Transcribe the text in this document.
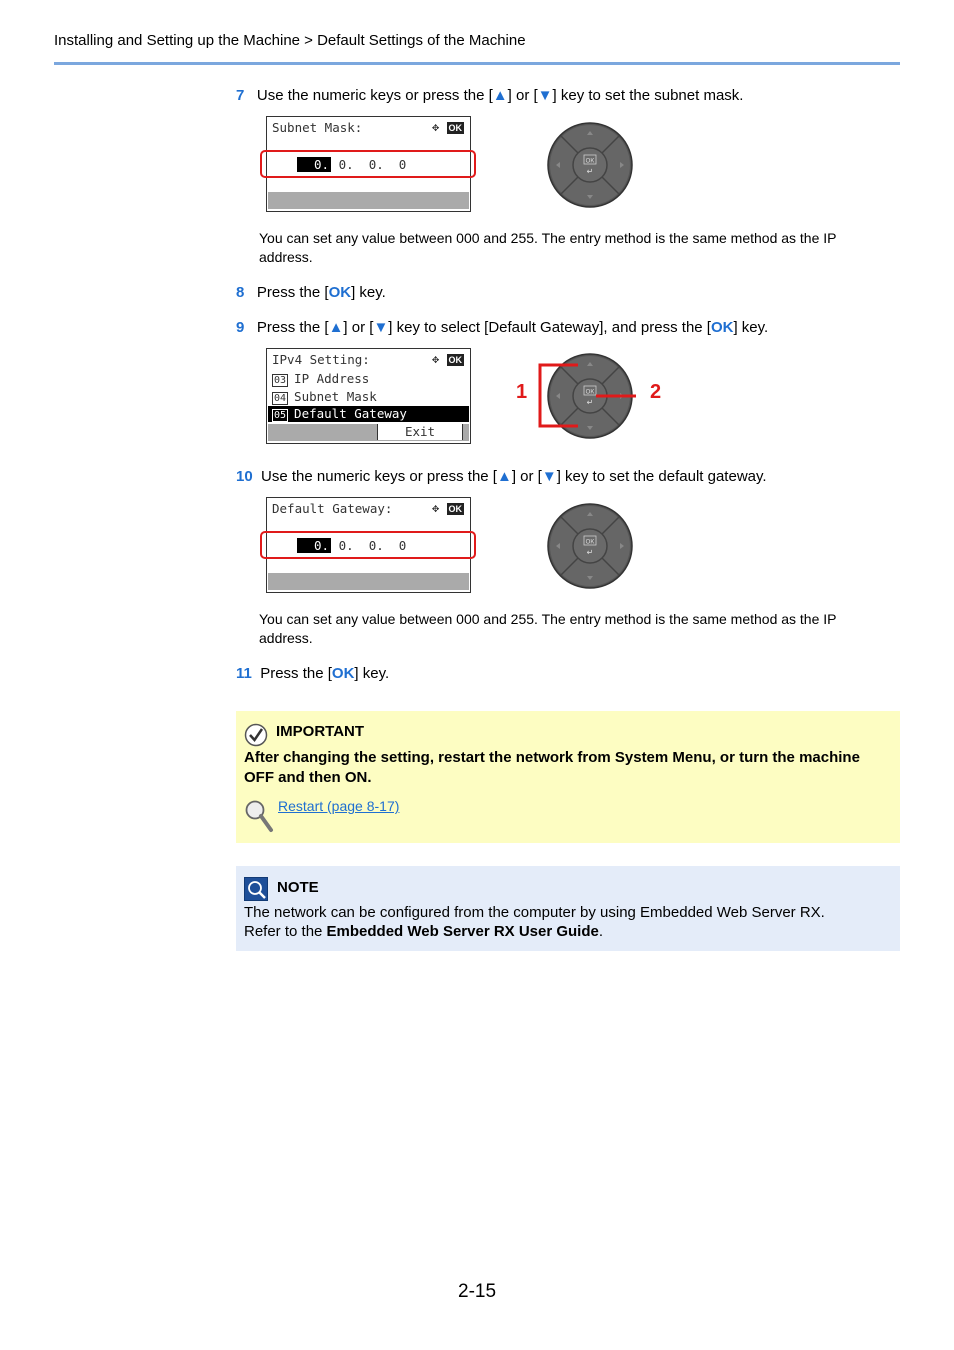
Installing and Setting up the Machine > Default Settings of the Machine
7 Use the numeric keys or press the [▲] or [▼] key to set the subnet mask.
Subnet Mask:	✥ OK
0. 0.  0.  0	OK
↵
You can set any value between 000 and 255. The entry method is the same method as the IP address.
8 Press the [OK] key.
9 Press the [▲] or [▼] key to select [Default Gateway], and press the [OK] key.
IPv4 Setting:	✥ OK
03 IP Address
04 Subnet Mask
05 Default Gateway
Exit
OK
↵
1	2
10 Use the numeric keys or press the [▲] or [▼] key to set the default gateway.
Default Gateway:	✥ OK
0. 0.  0.  0	OK
↵
You can set any value between 000 and 255. The entry method is the same method as the IP address.
11 Press the [OK] key.
IMPORTANT
After changing the setting, restart the network from System Menu, or turn the machine OFF and then ON.
Restart (page 8-17)
NOTE
The network can be configured from the computer by using Embedded Web Server RX.
Refer to the Embedded Web Server RX User Guide.
2-15
